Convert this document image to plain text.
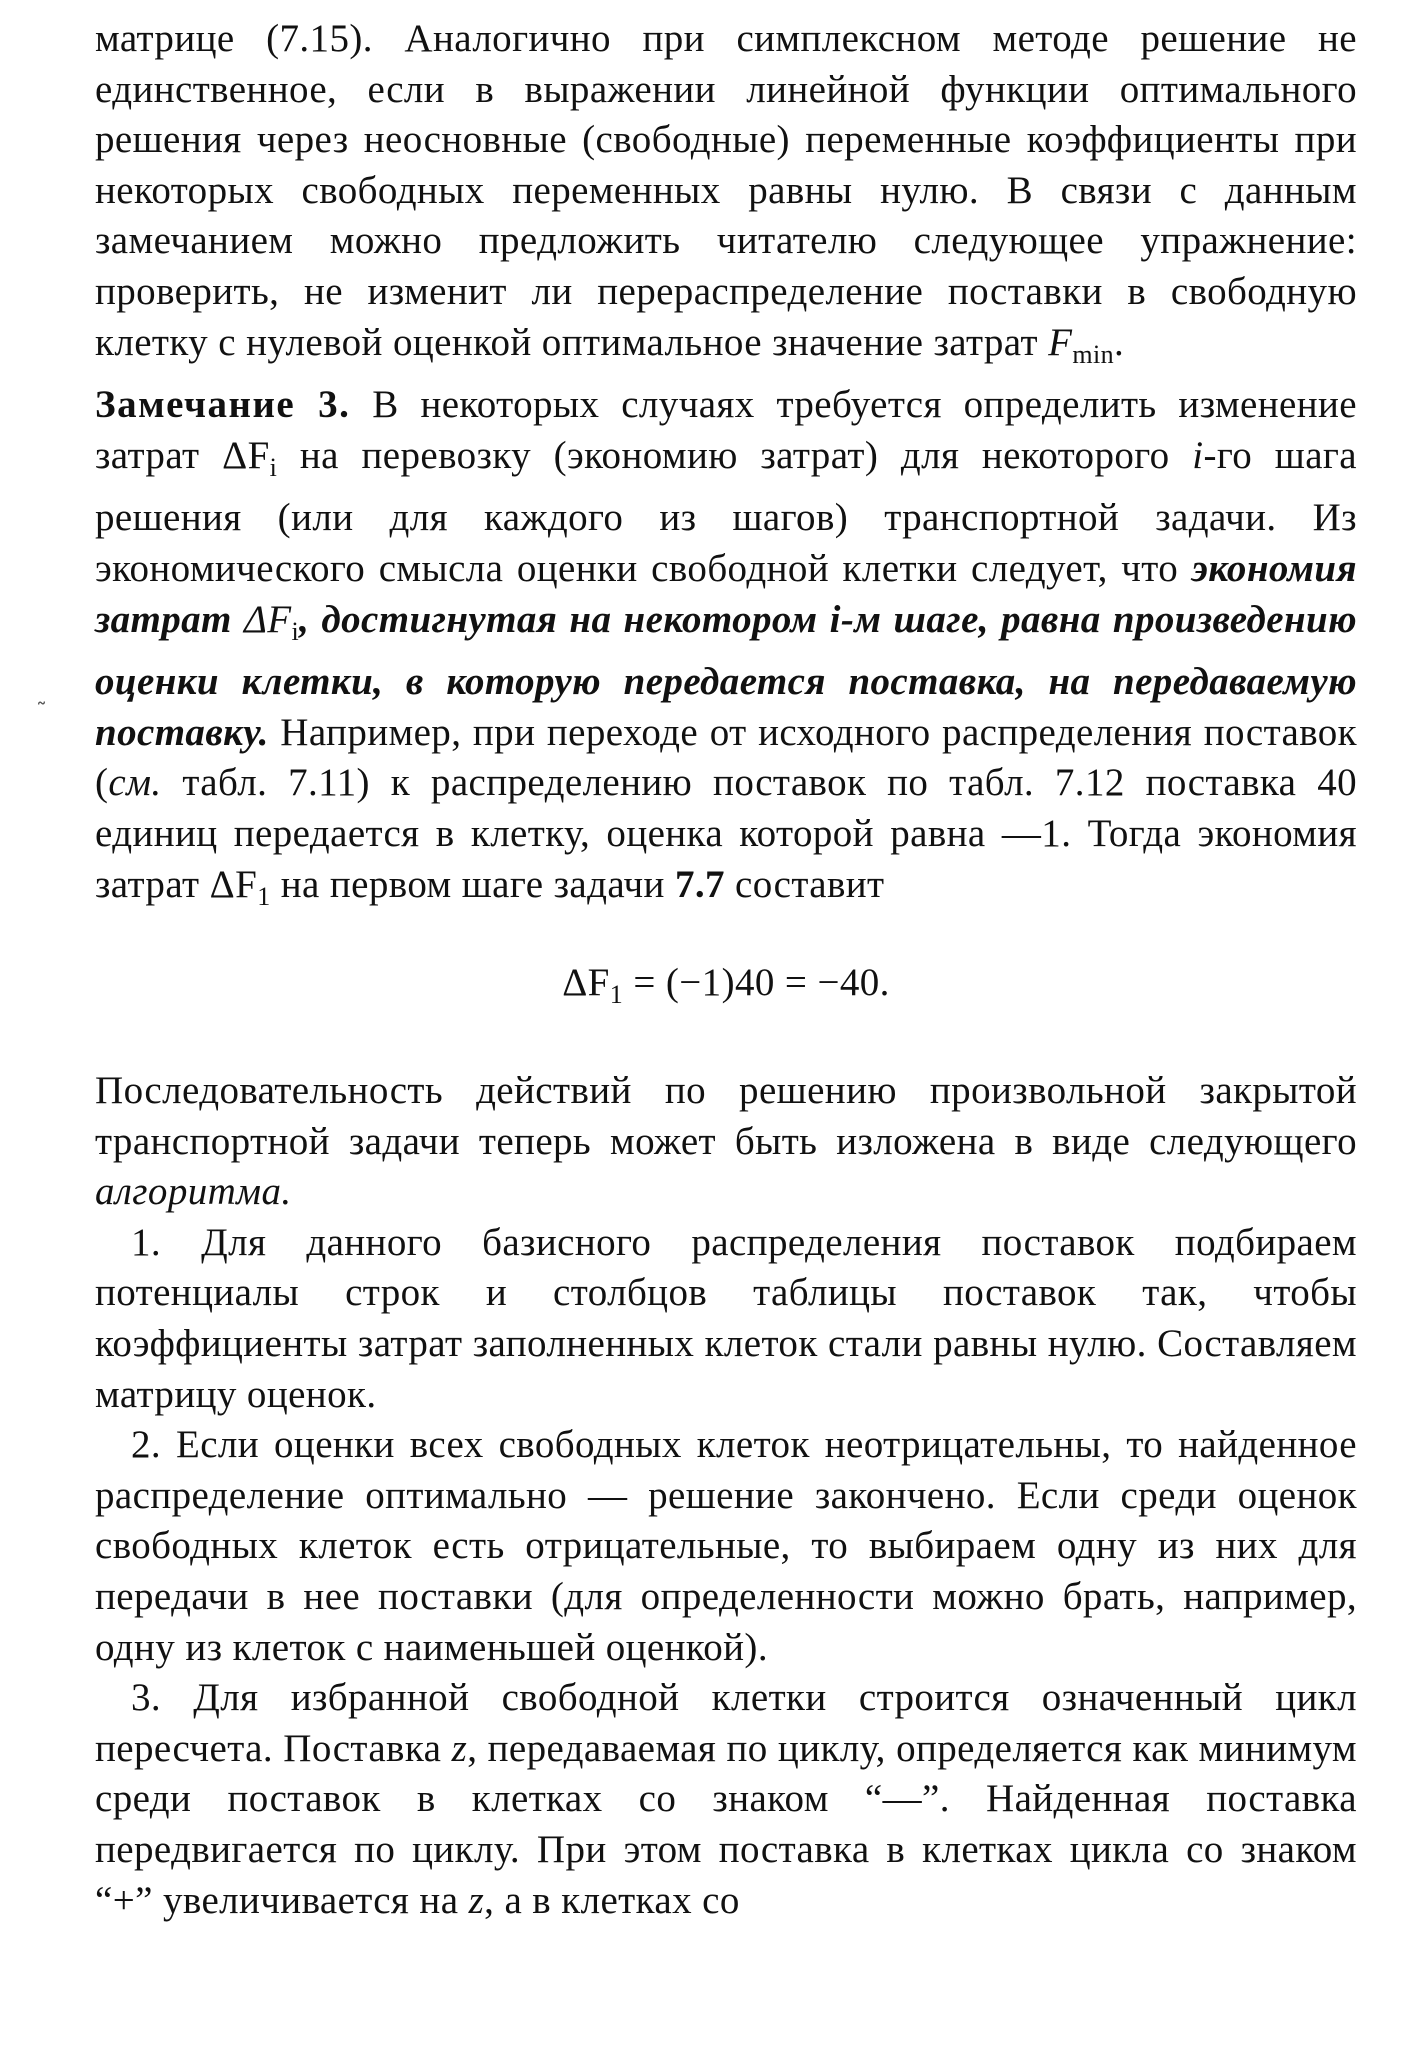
матрице (7.15). Аналогично при симплексном методе решение не единственное, если в выражении линейной функции оптимального решения через неосновные (свободные) переменные коэффициенты при некоторых свободных переменных равны нулю. В связи с данным замечанием можно предложить читателю следующее упражнение: проверить, не изменит ли перераспределение поставки в свободную клетку с нулевой оценкой оптимальное значение затрат $F_{min}$.

Замечание 3. В некоторых случаях требуется определить изменение затрат $\Delta F_i$ на перевозку (экономию затрат) для некоторого i-го шага решения (или для каждого из шагов) транспортной задачи. Из экономического смысла оценки свободной клетки следует, что экономия затрат $\Delta F_i$, достигнутая на некотором i-м шаге, равна произведению оценки клетки, в которую передается поставка, на передаваемую поставку. Например, при переходе от исходного распределения поставок (см. табл. 7.11) к распределению поставок по табл. 7.12 поставка 40 единиц передается в клетку, оценка которой равна —1. Тогда экономия затрат $\Delta F_1$ на первом шаге задачи 7.7 составит

$\Delta F_1 = (-1)40 = -40$.

Последовательность действий по решению произвольной закрытой транспортной задачи теперь может быть изложена в виде следующего алгоритма.

1. Для данного базисного распределения поставок подбираем потенциалы строк и столбцов таблицы поставок так, чтобы коэффициенты затрат заполненных клеток стали равны нулю. Составляем матрицу оценок.

2. Если оценки всех свободных клеток неотрицательны, то найденное распределение оптимально — решение закончено. Если среди оценок свободных клеток есть отрицательные, то выбираем одну из них для передачи в нее поставки (для определенности можно брать, например, одну из клеток с наименьшей оценкой).

3. Для избранной свободной клетки строится означенный цикл пересчета. Поставка z, передаваемая по циклу, определяется как минимум среди поставок в клетках со знаком “—”. Найденная поставка передвигается по циклу. При этом поставка в клетках цикла со знаком “+” увеличивается на z, а в клетках со

˜
